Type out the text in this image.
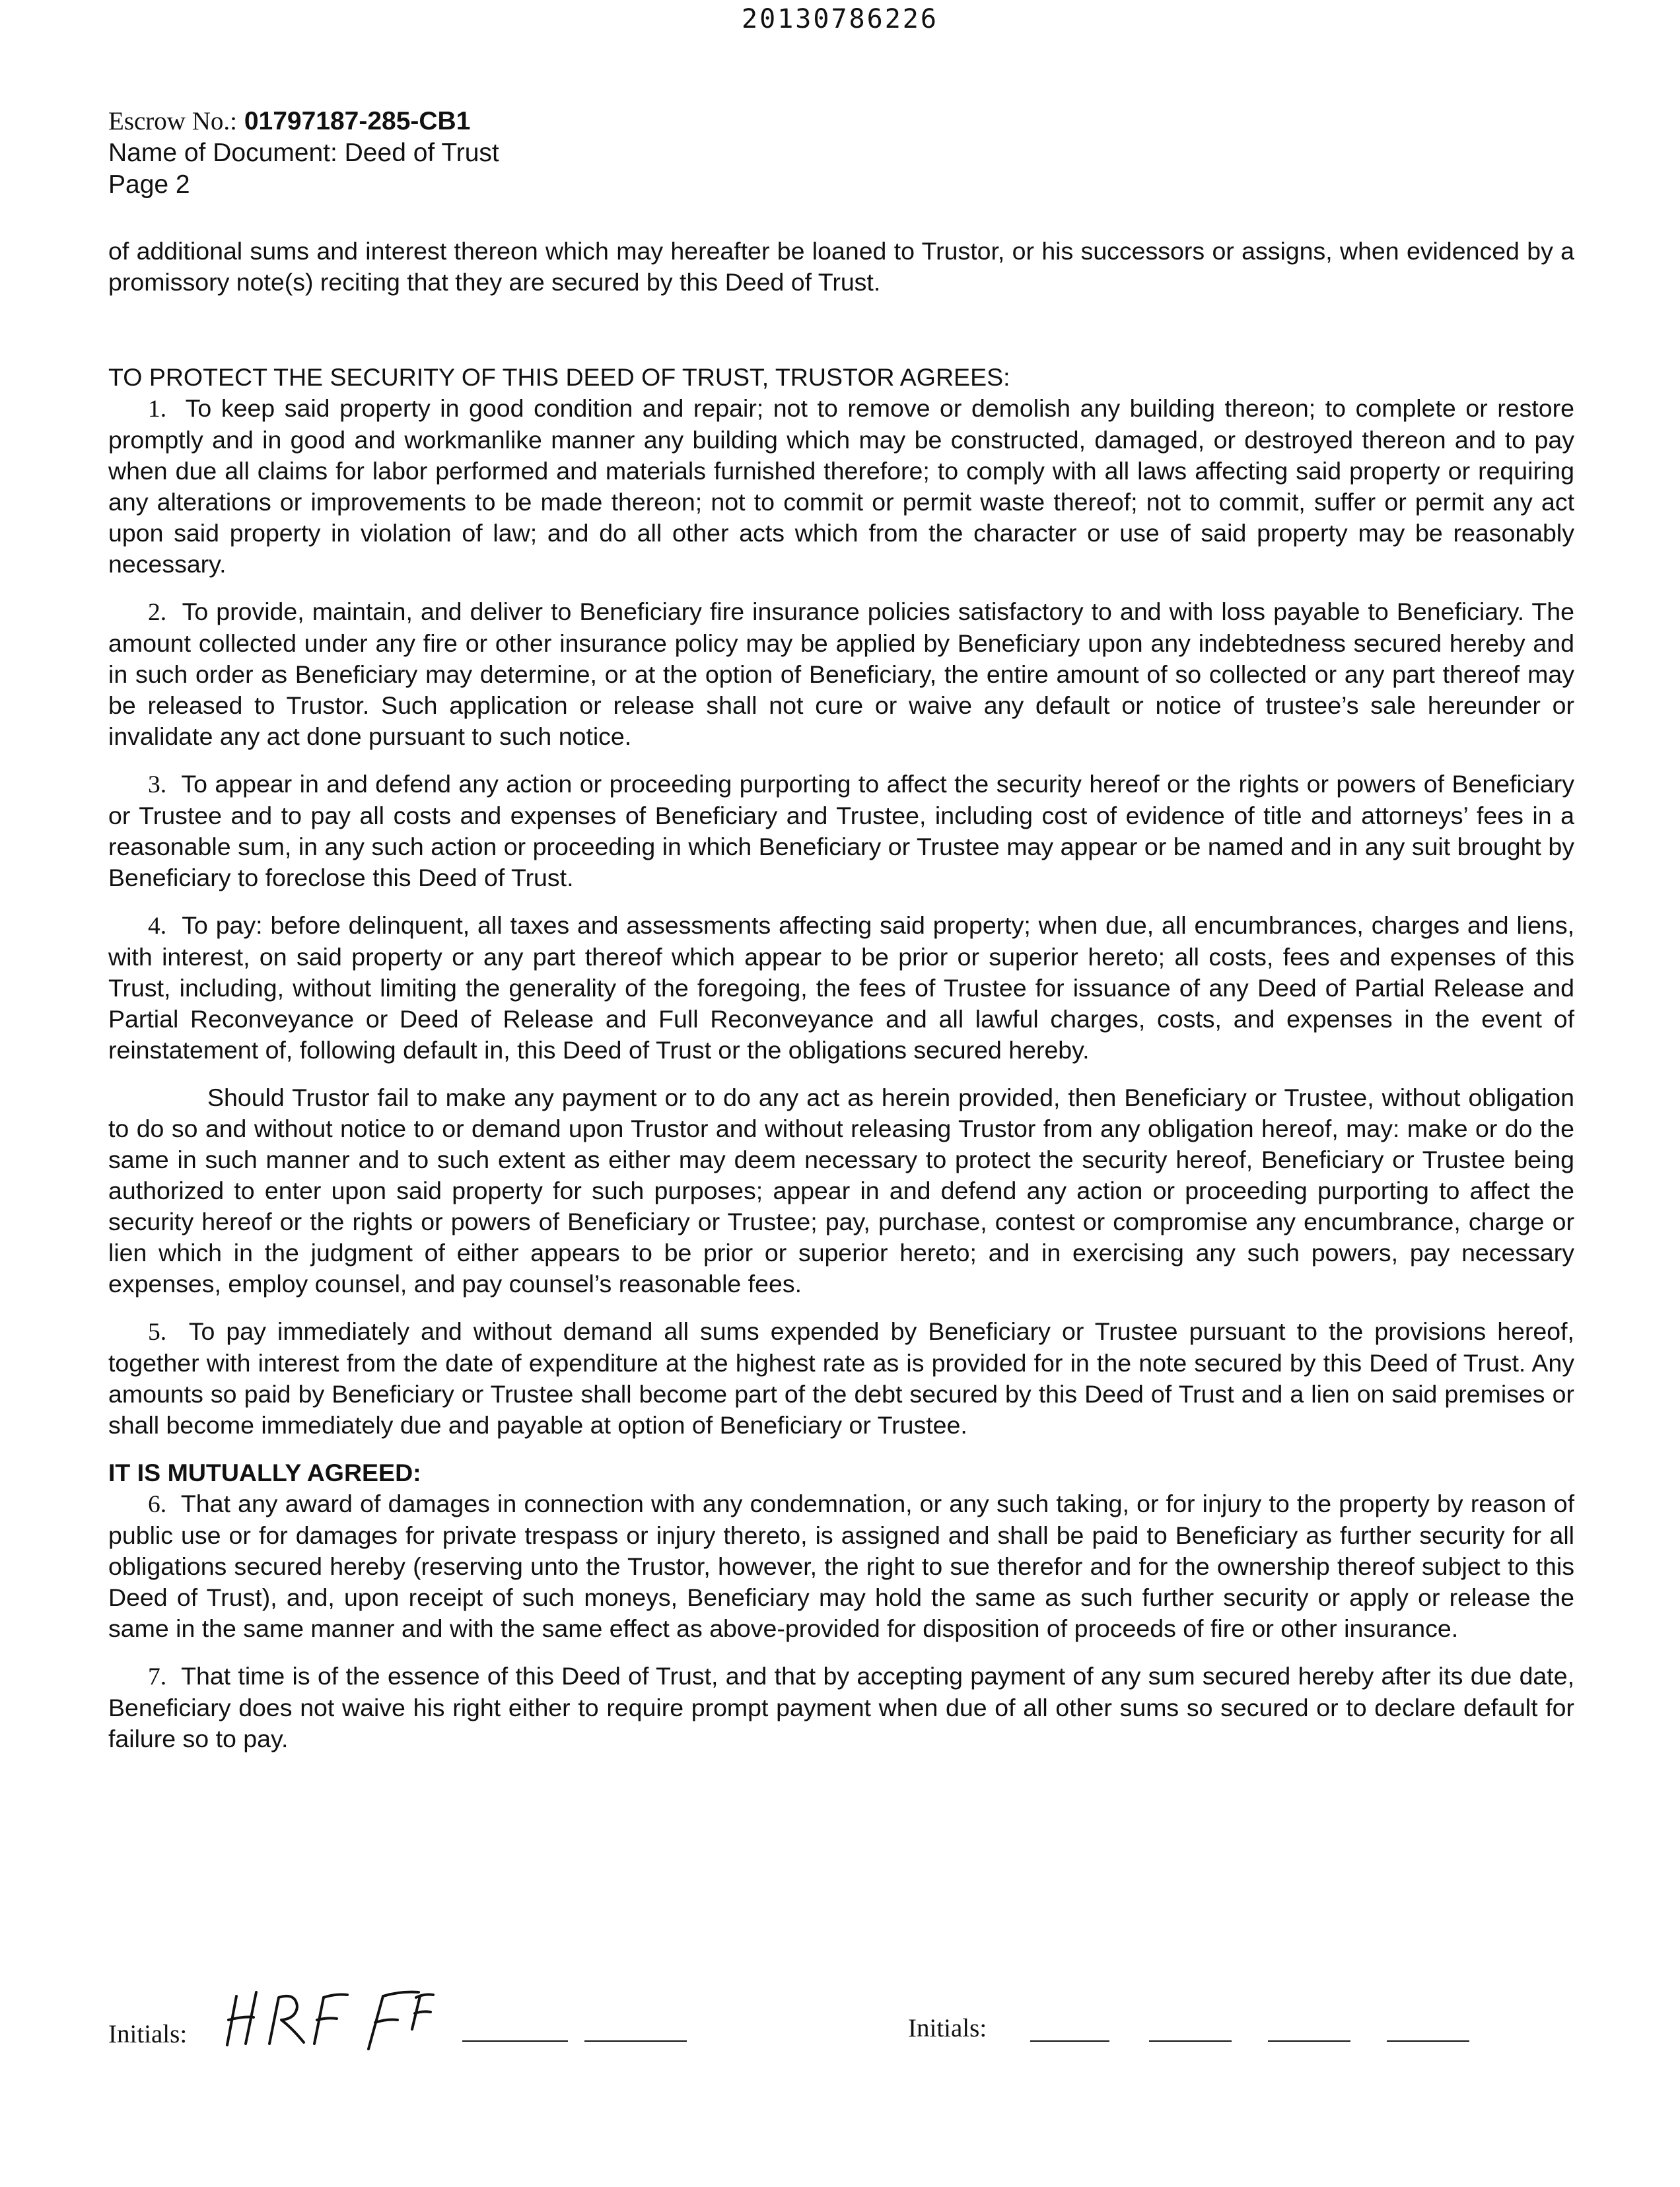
20130786226
Escrow No.: 01797187-285-CB1
Name of Document: Deed of Trust
Page 2

of additional sums and interest thereon which may hereafter be loaned to Trustor, or his successors or assigns, when evidenced by a promissory note(s) reciting that they are secured by this Deed of Trust.

TO PROTECT THE SECURITY OF THIS DEED OF TRUST, TRUSTOR AGREES:

1. To keep said property in good condition and repair; not to remove or demolish any building thereon; to complete or restore promptly and in good and workmanlike manner any building which may be constructed, damaged, or destroyed thereon and to pay when due all claims for labor performed and materials furnished therefore; to comply with all laws affecting said property or requiring any alterations or improvements to be made thereon; not to commit or permit waste thereof; not to commit, suffer or permit any act upon said property in violation of law; and do all other acts which from the character or use of said property may be reasonably necessary.

2. To provide, maintain, and deliver to Beneficiary fire insurance policies satisfactory to and with loss payable to Beneficiary. The amount collected under any fire or other insurance policy may be applied by Beneficiary upon any indebtedness secured hereby and in such order as Beneficiary may determine, or at the option of Beneficiary, the entire amount of so collected or any part thereof may be released to Trustor. Such application or release shall not cure or waive any default or notice of trustee’s sale hereunder or invalidate any act done pursuant to such notice.

3. To appear in and defend any action or proceeding purporting to affect the security hereof or the rights or powers of Beneficiary or Trustee and to pay all costs and expenses of Beneficiary and Trustee, including cost of evidence of title and attorneys’ fees in a reasonable sum, in any such action or proceeding in which Beneficiary or Trustee may appear or be named and in any suit brought by Beneficiary to foreclose this Deed of Trust.

4. To pay: before delinquent, all taxes and assessments affecting said property; when due, all encumbrances, charges and liens, with interest, on said property or any part thereof which appear to be prior or superior hereto; all costs, fees and expenses of this Trust, including, without limiting the generality of the foregoing, the fees of Trustee for issuance of any Deed of Partial Release and Partial Reconveyance or Deed of Release and Full Reconveyance and all lawful charges, costs, and expenses in the event of reinstatement of, following default in, this Deed of Trust or the obligations secured hereby.

Should Trustor fail to make any payment or to do any act as herein provided, then Beneficiary or Trustee, without obligation to do so and without notice to or demand upon Trustor and without releasing Trustor from any obligation hereof, may: make or do the same in such manner and to such extent as either may deem necessary to protect the security hereof, Beneficiary or Trustee being authorized to enter upon said property for such purposes; appear in and defend any action or proceeding purporting to affect the security hereof or the rights or powers of Beneficiary or Trustee; pay, purchase, contest or compromise any encumbrance, charge or lien which in the judgment of either appears to be prior or superior hereto; and in exercising any such powers, pay necessary expenses, employ counsel, and pay counsel’s reasonable fees.

5. To pay immediately and without demand all sums expended by Beneficiary or Trustee pursuant to the provisions hereof, together with interest from the date of expenditure at the highest rate as is provided for in the note secured by this Deed of Trust. Any amounts so paid by Beneficiary or Trustee shall become part of the debt secured by this Deed of Trust and a lien on said premises or shall become immediately due and payable at option of Beneficiary or Trustee.

IT IS MUTUALLY AGREED:

6. That any award of damages in connection with any condemnation, or any such taking, or for injury to the property by reason of public use or for damages for private trespass or injury thereto, is assigned and shall be paid to Beneficiary as further security for all obligations secured hereby (reserving unto the Trustor, however, the right to sue therefor and for the ownership thereof subject to this Deed of Trust), and, upon receipt of such moneys, Beneficiary may hold the same as such further security or apply or release the same in the same manner and with the same effect as above-provided for disposition of proceeds of fire or other insurance.

7. That time is of the essence of this Deed of Trust, and that by accepting payment of any sum secured hereby after its due date, Beneficiary does not waive his right either to require prompt payment when due of all other sums so secured or to declare default for failure so to pay.

Initials:	Initials:
